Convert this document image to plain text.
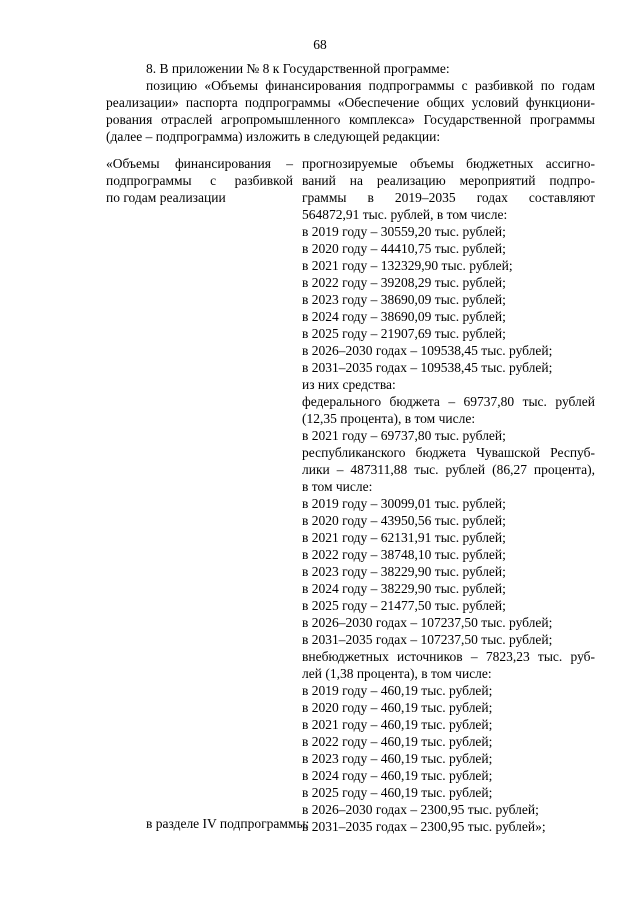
68
8. В приложении № 8 к Государственной программе:
позицию «Объемы финансирования подпрограммы с разбивкой по годам
реализации» паспорта подпрограммы «Обеспечение общих условий функциони-
рования отраслей агропромышленного комплекса» Государственной программы
(далее – подпрограмма) изложить в следующей редакции:
«Объемы финансирования –
подпрограммы с разбивкой
по годам реализации
прогнозируемые объемы бюджетных ассигно-
ваний на реализацию мероприятий подпро-
граммы в 2019–2035 годах составляют
564872,91 тыс. рублей, в том числе:
в 2019 году – 30559,20 тыс. рублей;
в 2020 году – 44410,75 тыс. рублей;
в 2021 году – 132329,90 тыс. рублей;
в 2022 году – 39208,29 тыс. рублей;
в 2023 году – 38690,09 тыс. рублей;
в 2024 году – 38690,09 тыс. рублей;
в 2025 году – 21907,69 тыс. рублей;
в 2026–2030 годах – 109538,45 тыс. рублей;
в 2031–2035 годах – 109538,45 тыс. рублей;
из них средства:
федерального бюджета – 69737,80 тыс. рублей
(12,35 процента), в том числе:
в 2021 году – 69737,80 тыс. рублей;
республиканского бюджета Чувашской Респуб-
лики – 487311,88 тыс. рублей (86,27 процента),
в том числе:
в 2019 году – 30099,01 тыс. рублей;
в 2020 году – 43950,56 тыс. рублей;
в 2021 году – 62131,91 тыс. рублей;
в 2022 году – 38748,10 тыс. рублей;
в 2023 году – 38229,90 тыс. рублей;
в 2024 году – 38229,90 тыс. рублей;
в 2025 году – 21477,50 тыс. рублей;
в 2026–2030 годах – 107237,50 тыс. рублей;
в 2031–2035 годах – 107237,50 тыс. рублей;
внебюджетных источников – 7823,23 тыс. руб-
лей (1,38 процента), в том числе:
в 2019 году – 460,19 тыс. рублей;
в 2020 году – 460,19 тыс. рублей;
в 2021 году – 460,19 тыс. рублей;
в 2022 году – 460,19 тыс. рублей;
в 2023 году – 460,19 тыс. рублей;
в 2024 году – 460,19 тыс. рублей;
в 2025 году – 460,19 тыс. рублей;
в 2026–2030 годах – 2300,95 тыс. рублей;
в 2031–2035 годах – 2300,95 тыс. рублей»;
в разделе IV подпрограммы:
